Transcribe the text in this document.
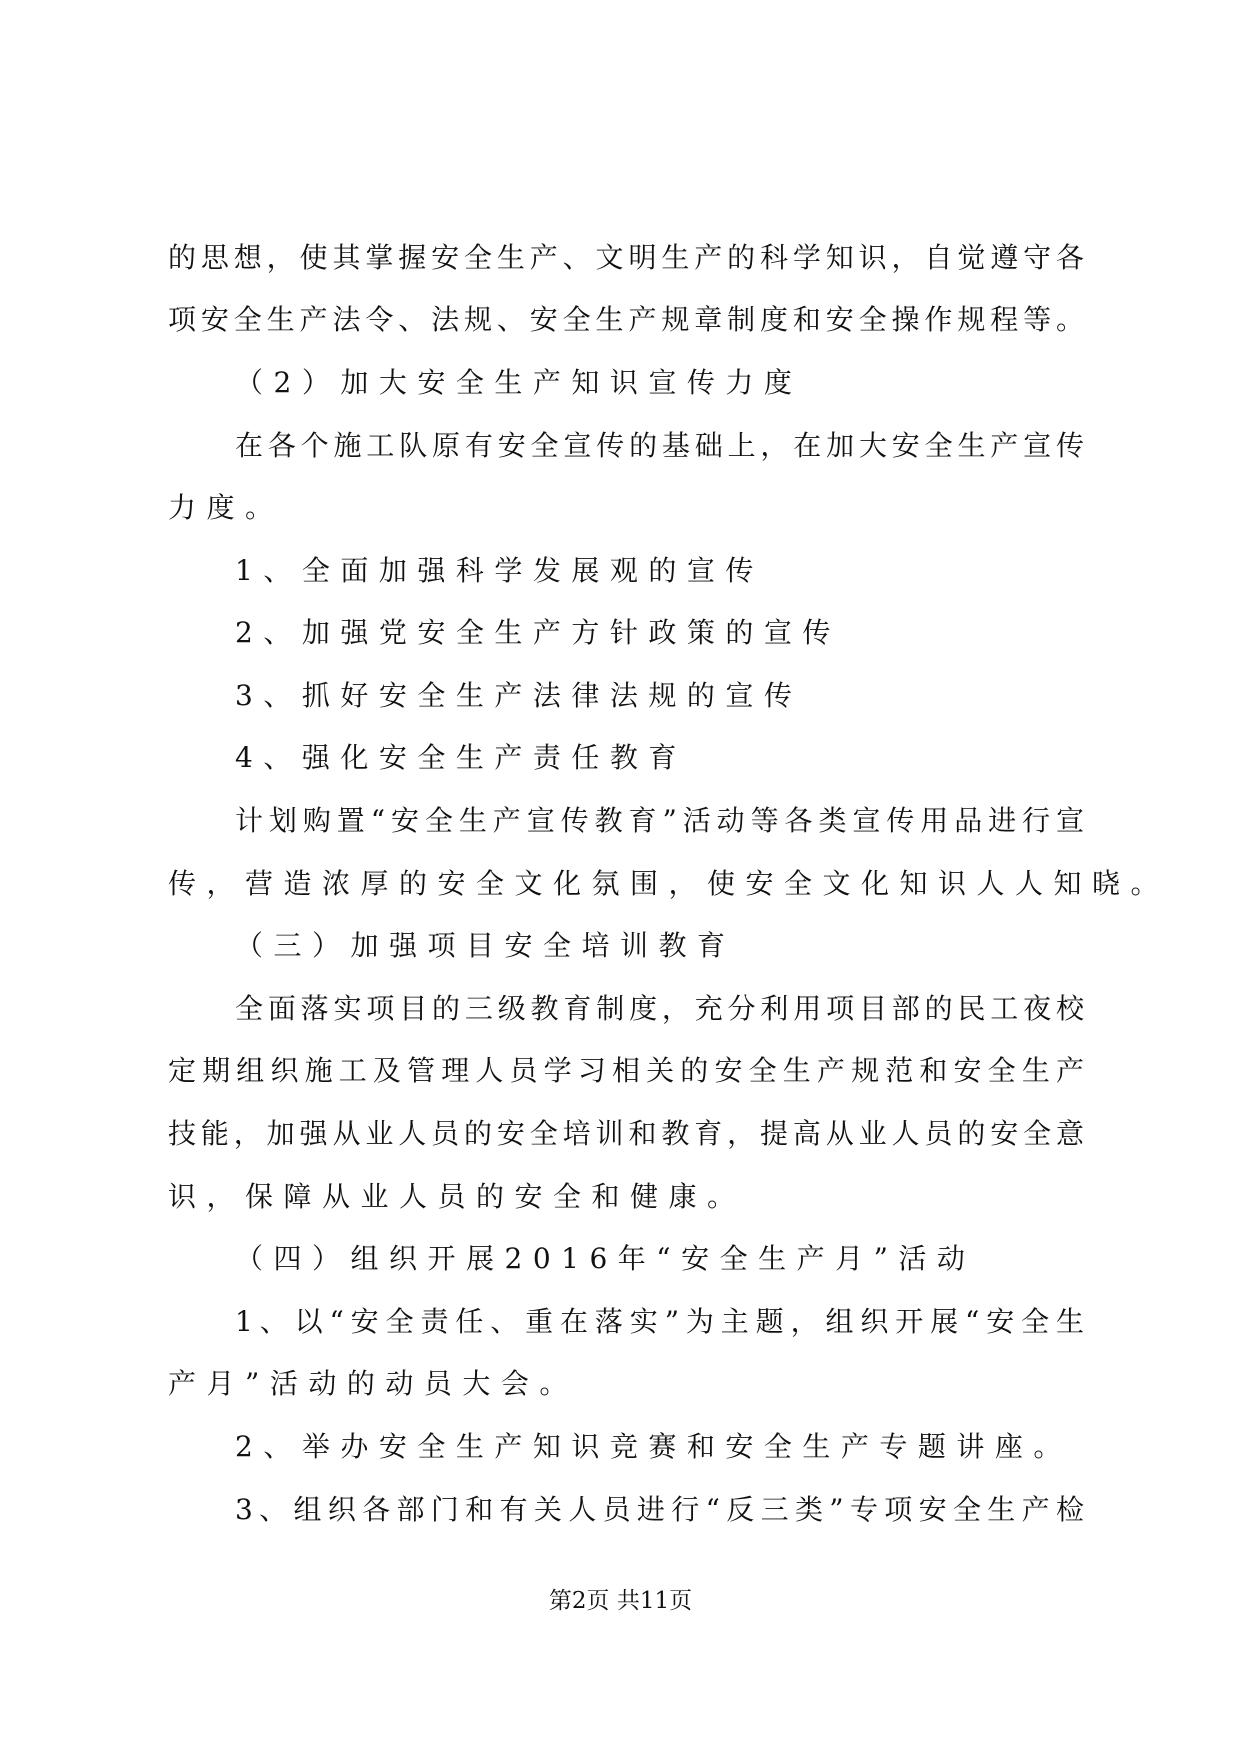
的思想，使其掌握安全生产、文明生产的科学知识，自觉遵守各
项安全生产法令、法规、安全生产规章制度和安全操作规程等。
（2）加大安全生产知识宣传力度
在各个施工队原有安全宣传的基础上，在加大安全生产宣传
力度。
1、全面加强科学发展观的宣传
2、加强党安全生产方针政策的宣传
3、抓好安全生产法律法规的宣传
4、强化安全生产责任教育
计划购置“安全生产宣传教育”活动等各类宣传用品进行宣
传，营造浓厚的安全文化氛围，使安全文化知识人人知晓。
（三）加强项目安全培训教育
全面落实项目的三级教育制度，充分利用项目部的民工夜校
定期组织施工及管理人员学习相关的安全生产规范和安全生产
技能，加强从业人员的安全培训和教育，提高从业人员的安全意
识，保障从业人员的安全和健康。
（四）组织开展2016年“安全生产月”活动
1、以“安全责任、重在落实”为主题，组织开展“安全生
产月”活动的动员大会。
2、举办安全生产知识竞赛和安全生产专题讲座。
3、组织各部门和有关人员进行“反三类”专项安全生产检
第2页 共11页
